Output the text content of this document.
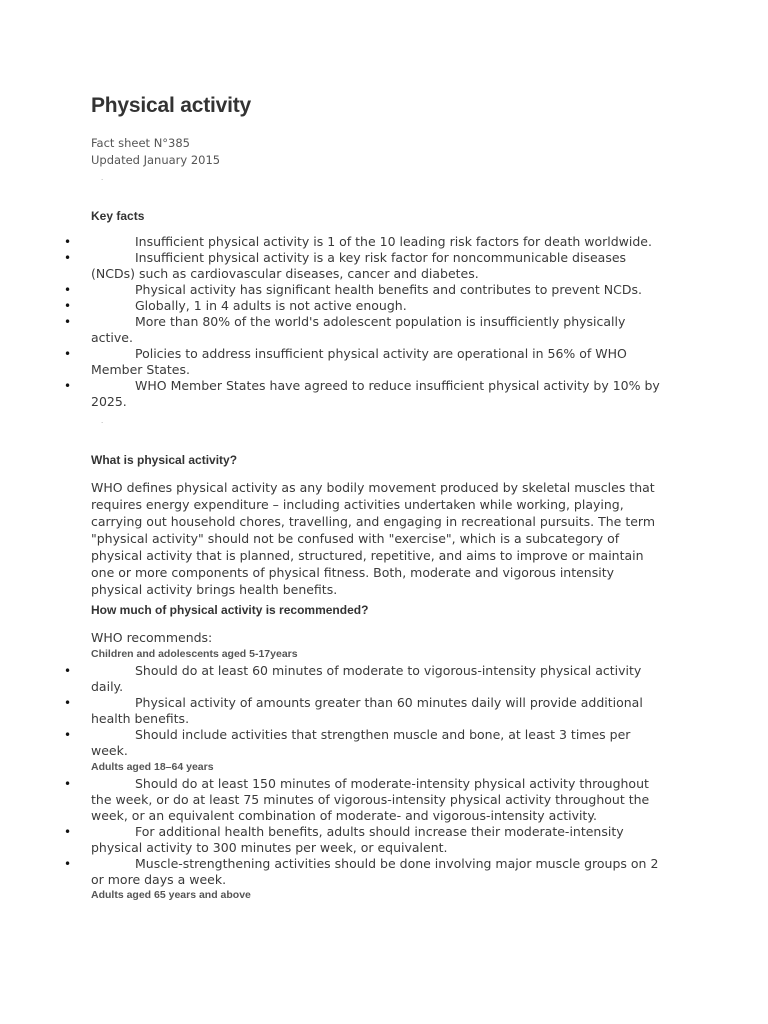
Physical activity
Fact sheet N°385
Updated January 2015
·
Key facts
•	Insufficient physical activity is 1 of the 10 leading risk factors for death worldwide.
•	Insufficient physical activity is a key risk factor for noncommunicable diseases (NCDs) such as cardiovascular diseases, cancer and diabetes.
•	Physical activity has significant health benefits and contributes to prevent NCDs.
•	Globally, 1 in 4 adults is not active enough.
•	More than 80% of the world's adolescent population is insufficiently physically active.
•	Policies to address insufficient physical activity are operational in 56% of WHO Member States.
•	WHO Member States have agreed to reduce insufficient physical activity by 10% by 2025.
·
What is physical activity?

WHO defines physical activity as any bodily movement produced by skeletal muscles that requires energy expenditure – including activities undertaken while working, playing, carrying out household chores, travelling, and engaging in recreational pursuits. The term "physical activity" should not be confused with "exercise", which is a subcategory of physical activity that is planned, structured, repetitive, and aims to improve or maintain one or more components of physical fitness. Both, moderate and vigorous intensity physical activity brings health benefits.

How much of physical activity is recommended?
WHO recommends:
Children and adolescents aged 5-17years
•	Should do at least 60 minutes of moderate to vigorous-intensity physical activity daily.
•	Physical activity of amounts greater than 60 minutes daily will provide additional health benefits.
•	Should include activities that strengthen muscle and bone, at least 3 times per week.
Adults aged 18–64 years
•	Should do at least 150 minutes of moderate-intensity physical activity throughout the week, or do at least 75 minutes of vigorous-intensity physical activity throughout the week, or an equivalent combination of moderate- and vigorous-intensity activity.
•	For additional health benefits, adults should increase their moderate-intensity physical activity to 300 minutes per week, or equivalent.
•	Muscle-strengthening activities should be done involving major muscle groups on 2 or more days a week.
Adults aged 65 years and above
